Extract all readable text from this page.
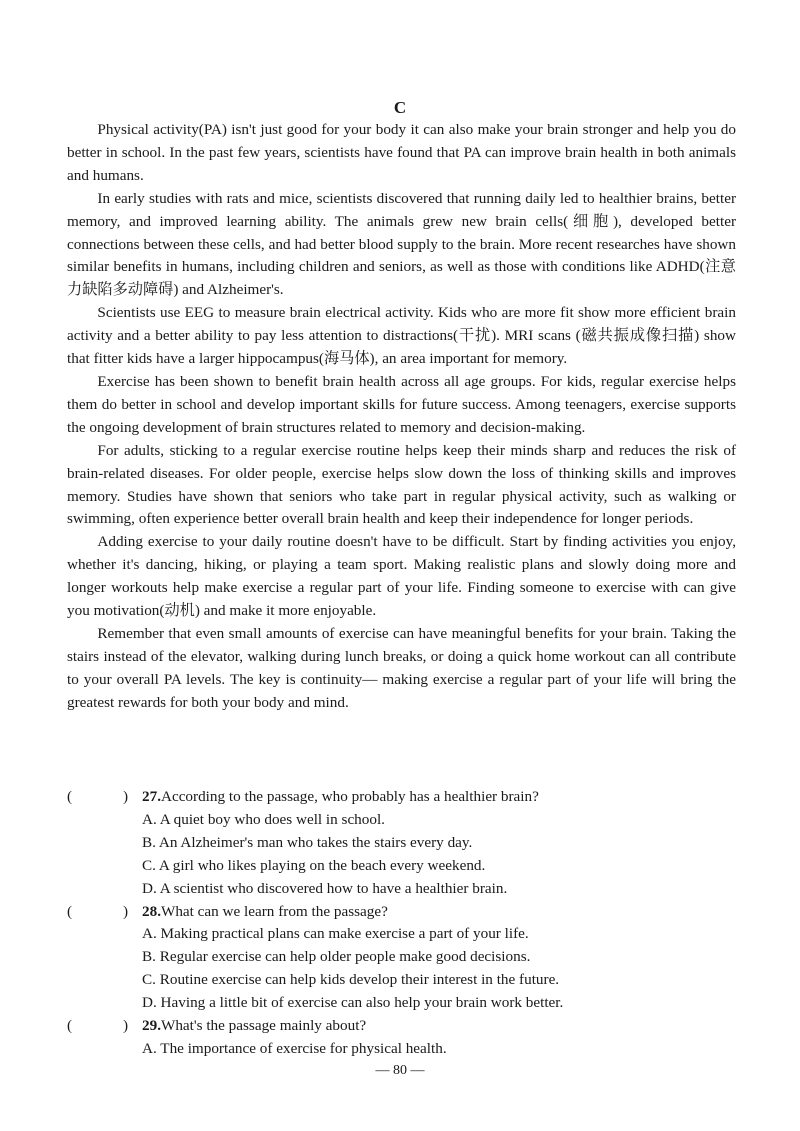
C

Physical activity(PA) isn't just good for your body it can also make your brain stronger and help you do better in school. In the past few years, scientists have found that PA can improve brain health in both animals and humans.

In early studies with rats and mice, scientists discovered that running daily led to healthier brains, better memory, and improved learning ability. The animals grew new brain cells(细胞), developed better connections between these cells, and had better blood supply to the brain. More recent researches have shown similar benefits in humans, including children and seniors, as well as those with conditions like ADHD(注意力缺陷多动障碍) and Alzheimer's.

Scientists use EEG to measure brain electrical activity. Kids who are more fit show more efficient brain activity and a better ability to pay less attention to distractions(干扰). MRI scans (磁共振成像扫描) show that fitter kids have a larger hippocampus(海马体), an area important for memory.

Exercise has been shown to benefit brain health across all age groups. For kids, regular exercise helps them do better in school and develop important skills for future success. Among teenagers, exercise supports the ongoing development of brain structures related to memory and decision-making.

For adults, sticking to a regular exercise routine helps keep their minds sharp and reduces the risk of brain-related diseases. For older people, exercise helps slow down the loss of thinking skills and improves memory. Studies have shown that seniors who take part in regular physical activity, such as walking or swimming, often experience better overall brain health and keep their independence for longer periods.

Adding exercise to your daily routine doesn't have to be difficult. Start by finding activities you enjoy, whether it's dancing, hiking, or playing a team sport. Making realistic plans and slowly doing more and longer workouts help make exercise a regular part of your life. Finding someone to exercise with can give you motivation(动机) and make it more enjoyable.

Remember that even small amounts of exercise can have meaningful benefits for your brain. Taking the stairs instead of the elevator, walking during lunch breaks, or doing a quick home workout can all contribute to your overall PA levels. The key is continuity— making exercise a regular part of your life will bring the greatest rewards for both your body and mind.

(	) 27. According to the passage, who probably has a healthier brain?
A. A quiet boy who does well in school.
B. An Alzheimer's man who takes the stairs every day.
C. A girl who likes playing on the beach every weekend.
D. A scientist who discovered how to have a healthier brain.
(	) 28. What can we learn from the passage?
A. Making practical plans can make exercise a part of your life.
B. Regular exercise can help older people make good decisions.
C. Routine exercise can help kids develop their interest in the future.
D. Having a little bit of exercise can also help your brain work better.
(	) 29. What's the passage mainly about?
A. The importance of exercise for physical health.
— 80 —
